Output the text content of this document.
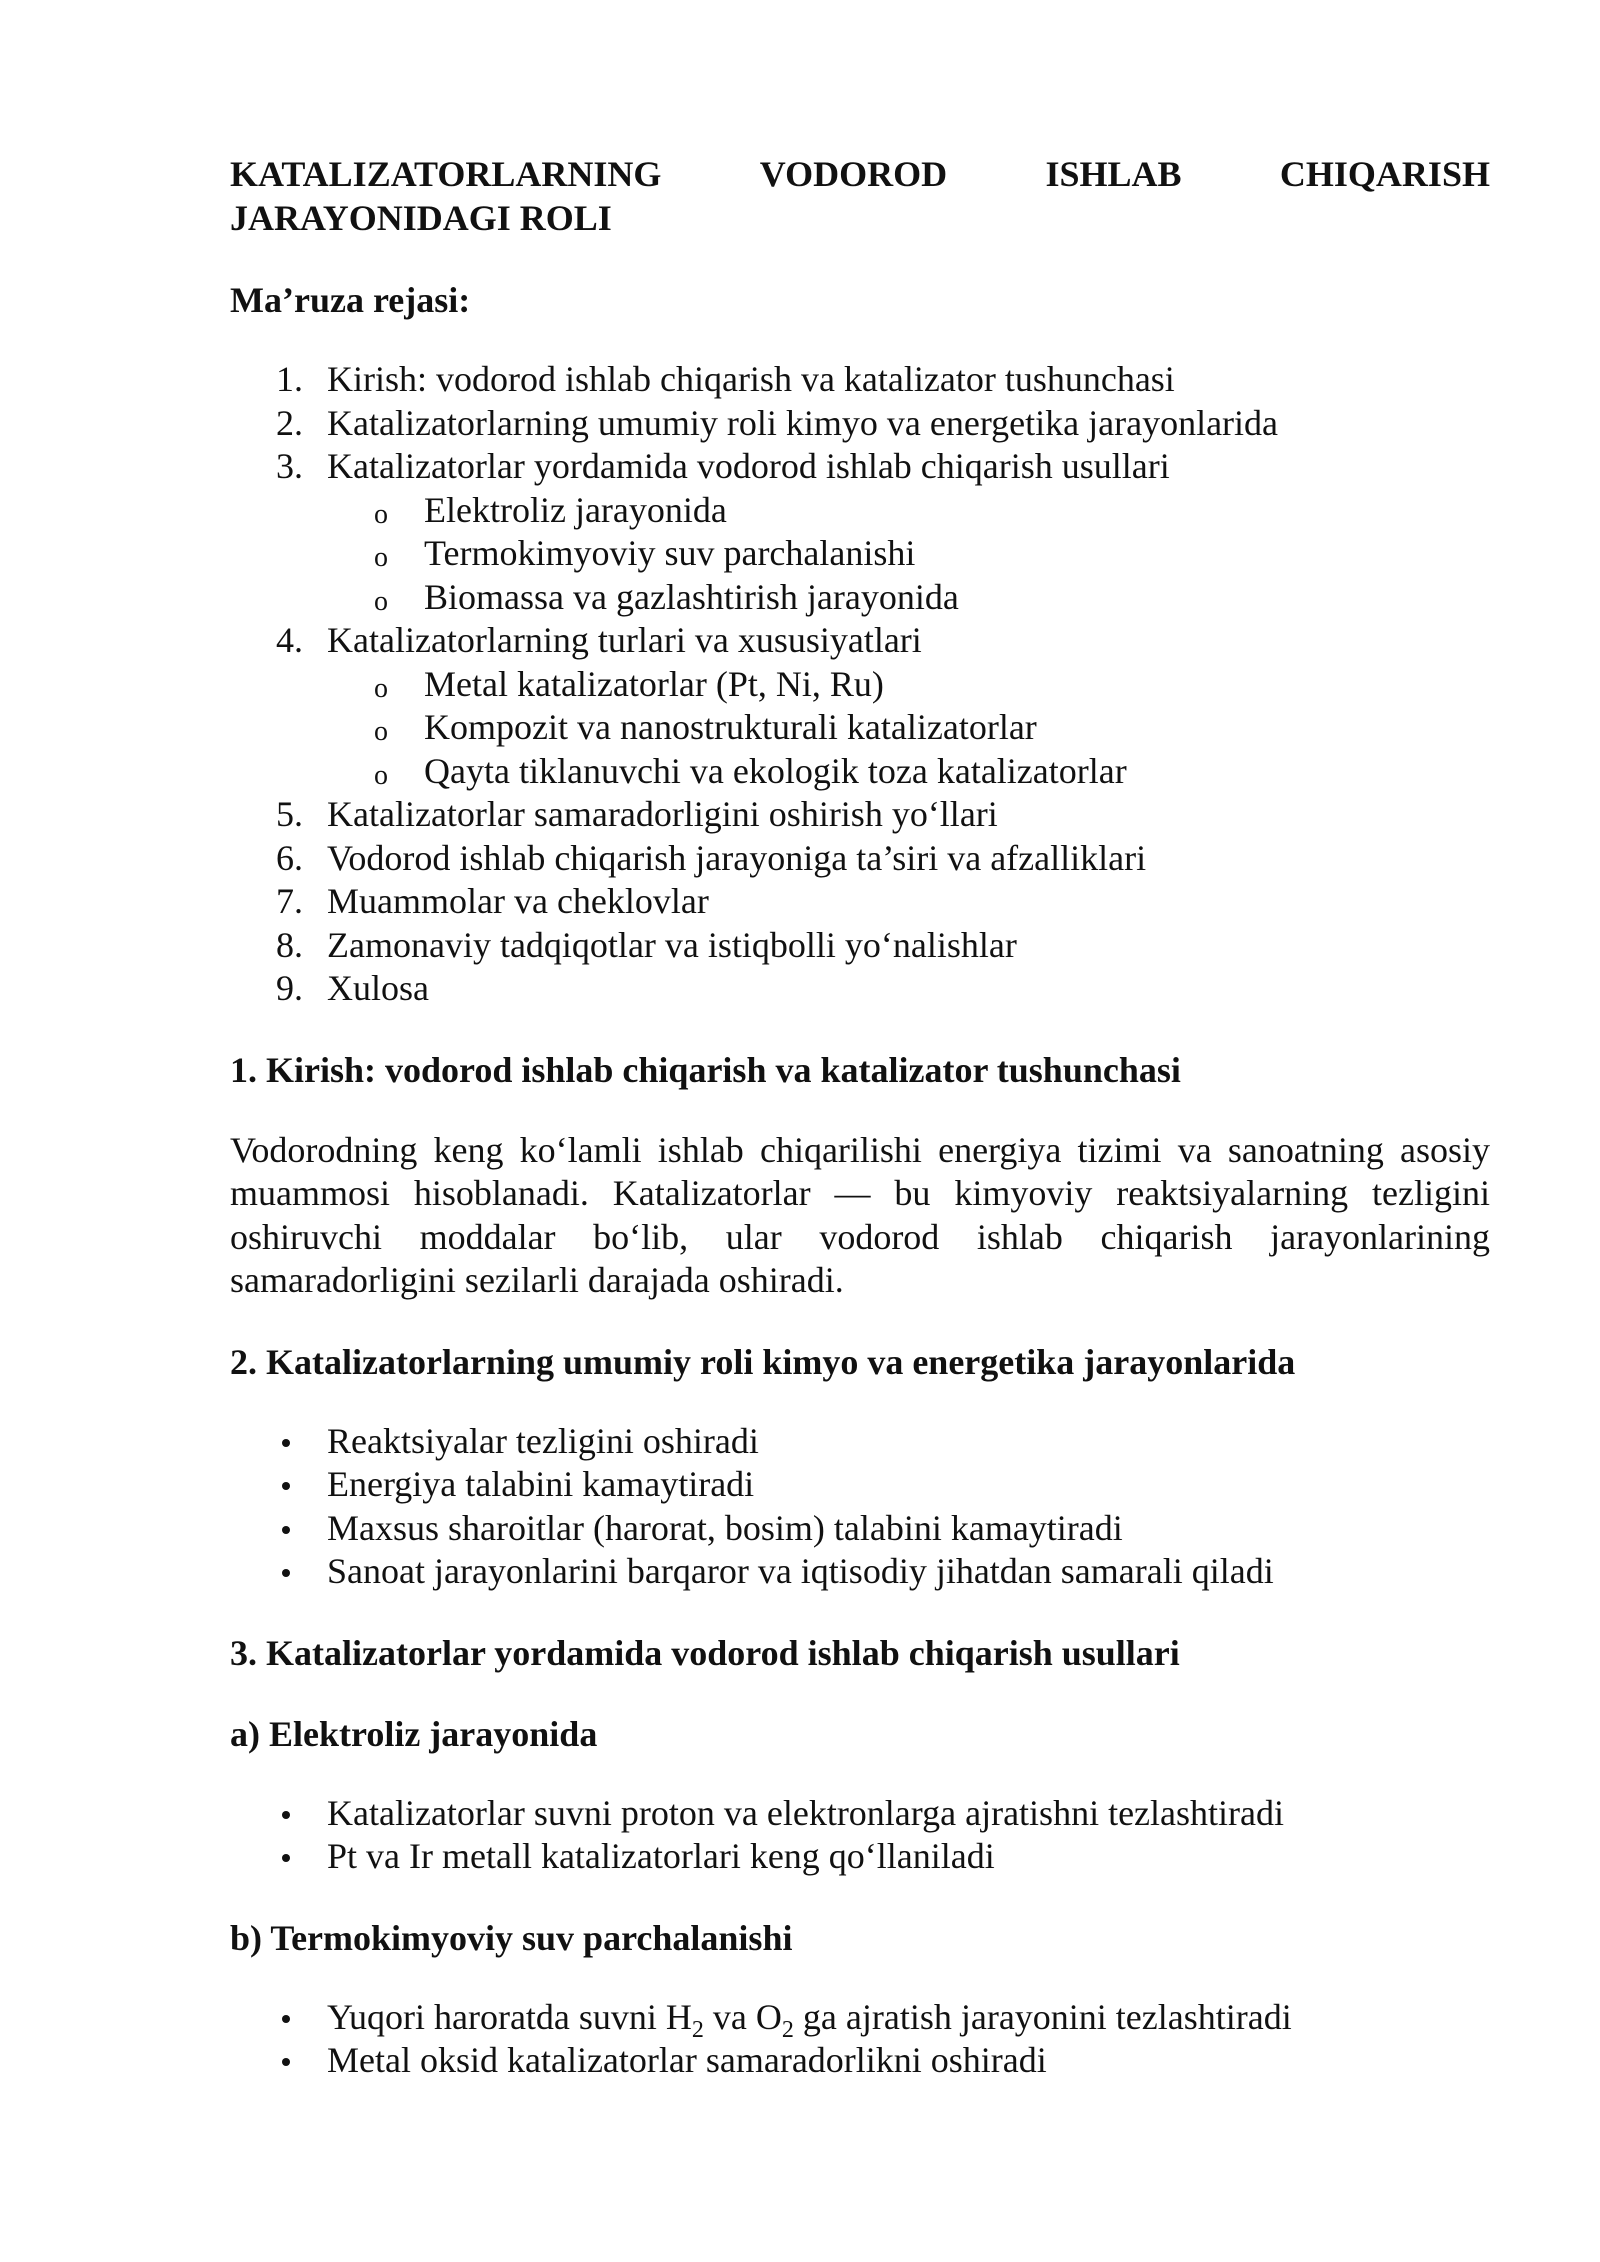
KATALIZATORLARNING	VODOROD	ISHLAB	CHIQARISH
JARAYONIDAGI ROLI
Ma’ruza rejasi:
1. Kirish: vodorod ishlab chiqarish va katalizator tushunchasi
2. Katalizatorlarning umumiy roli kimyo va energetika jarayonlarida
3. Katalizatorlar yordamida vodorod ishlab chiqarish usullari
o Elektroliz jarayonida
o Termokimyoviy suv parchalanishi
o Biomassa va gazlashtirish jarayonida
4. Katalizatorlarning turlari va xususiyatlari
o Metal katalizatorlar (Pt, Ni, Ru)
o Kompozit va nanostrukturali katalizatorlar
o Qayta tiklanuvchi va ekologik toza katalizatorlar
5. Katalizatorlar samaradorligini oshirish yo‘llari
6. Vodorod ishlab chiqarish jarayoniga ta’siri va afzalliklari
7. Muammolar va cheklovlar
8. Zamonaviy tadqiqotlar va istiqbolli yo‘nalishlar
9. Xulosa
1. Kirish: vodorod ishlab chiqarish va katalizator tushunchasi
Vodorodning keng ko‘lamli ishlab chiqarilishi energiya tizimi va sanoatning asosiy muammosi hisoblanadi. Katalizatorlar — bu kimyoviy reaktsiyalarning tezligini oshiruvchi moddalar bo‘lib, ular vodorod ishlab chiqarish jarayonlarining samaradorligini sezilarli darajada oshiradi.
2. Katalizatorlarning umumiy roli kimyo va energetika jarayonlarida
Reaktsiyalar tezligini oshiradi
Energiya talabini kamaytiradi
Maxsus sharoitlar (harorat, bosim) talabini kamaytiradi
Sanoat jarayonlarini barqaror va iqtisodiy jihatdan samarali qiladi
3. Katalizatorlar yordamida vodorod ishlab chiqarish usullari
a) Elektroliz jarayonida
Katalizatorlar suvni proton va elektronlarga ajratishni tezlashtiradi
Pt va Ir metall katalizatorlari keng qo‘llaniladi
b) Termokimyoviy suv parchalanishi
Yuqori haroratda suvni $H_2$ va $O_2$ ga ajratish jarayonini tezlashtiradi
Metal oksid katalizatorlar samaradorlikni oshiradi
